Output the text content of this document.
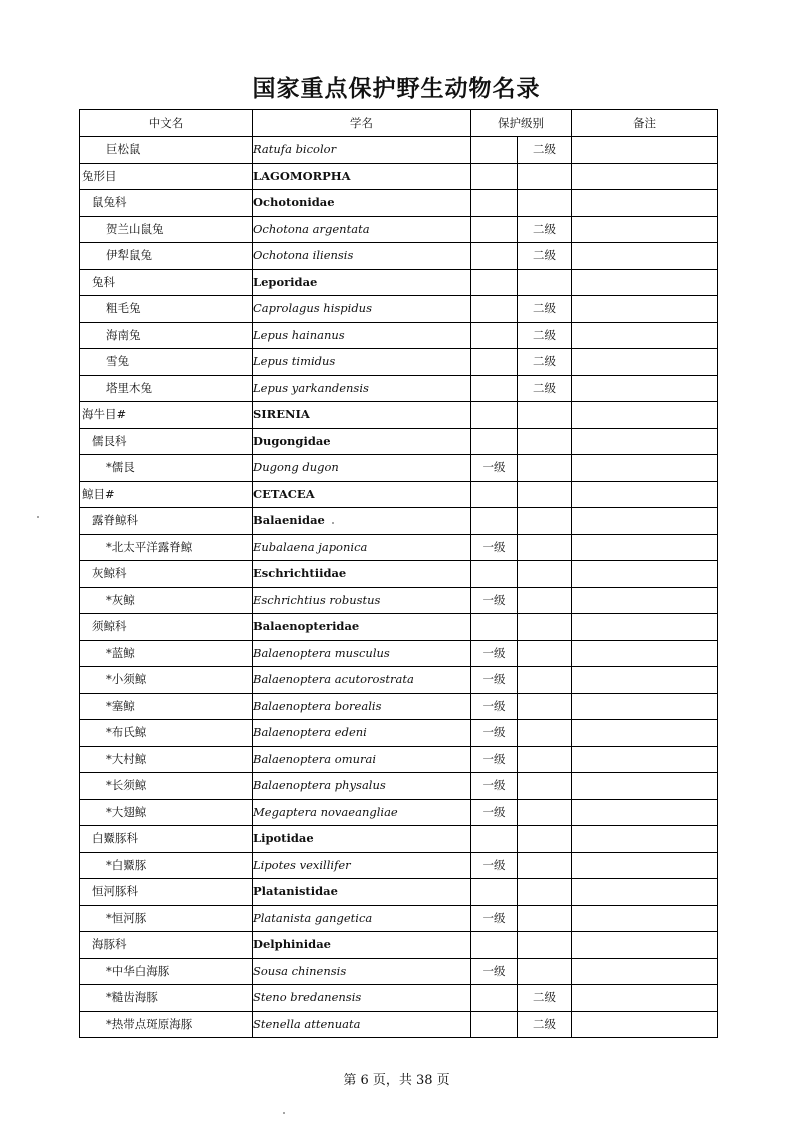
国家重点保护野生动物名录
中文名	学名	保护级别		备注
巨松鼠	Ratufa bicolor		二级	
兔形目	LAGOMORPHA			
鼠兔科	Ochotonidae			
贺兰山鼠兔	Ochotona argentata		二级	
伊犁鼠兔	Ochotona iliensis		二级	
兔科	Leporidae			
粗毛兔	Caprolagus hispidus		二级	
海南兔	Lepus hainanus		二级	
雪兔	Lepus timidus		二级	
塔里木兔	Lepus yarkandensis		二级	
海牛目#	SIRENIA			
儒艮科	Dugongidae			
*儒艮	Dugong dugon	一级		
鲸目#	CETACEA			
露脊鲸科	Balaenidae			
*北太平洋露脊鲸	Eubalaena japonica	一级		
灰鲸科	Eschrichtiidae			
*灰鲸	Eschrichtius robustus	一级		
须鲸科	Balaenopteridae			
*蓝鲸	Balaenoptera musculus	一级		
*小须鲸	Balaenoptera acutorostrata	一级		
*塞鲸	Balaenoptera borealis	一级		
*布氏鲸	Balaenoptera edeni	一级		
*大村鲸	Balaenoptera omurai	一级		
*长须鲸	Balaenoptera physalus	一级		
*大翅鲸	Megaptera novaeangliae	一级		
白鱀豚科	Lipotidae			
*白鱀豚	Lipotes vexillifer	一级		
恒河豚科	Platanistidae			
*恒河豚	Platanista gangetica	一级		
海豚科	Delphinidae			
*中华白海豚	Sousa chinensis	一级		
*糙齿海豚	Steno bredanensis		二级	
*热带点斑原海豚	Stenella attenuata		二级	
第 6 页，共 38 页
